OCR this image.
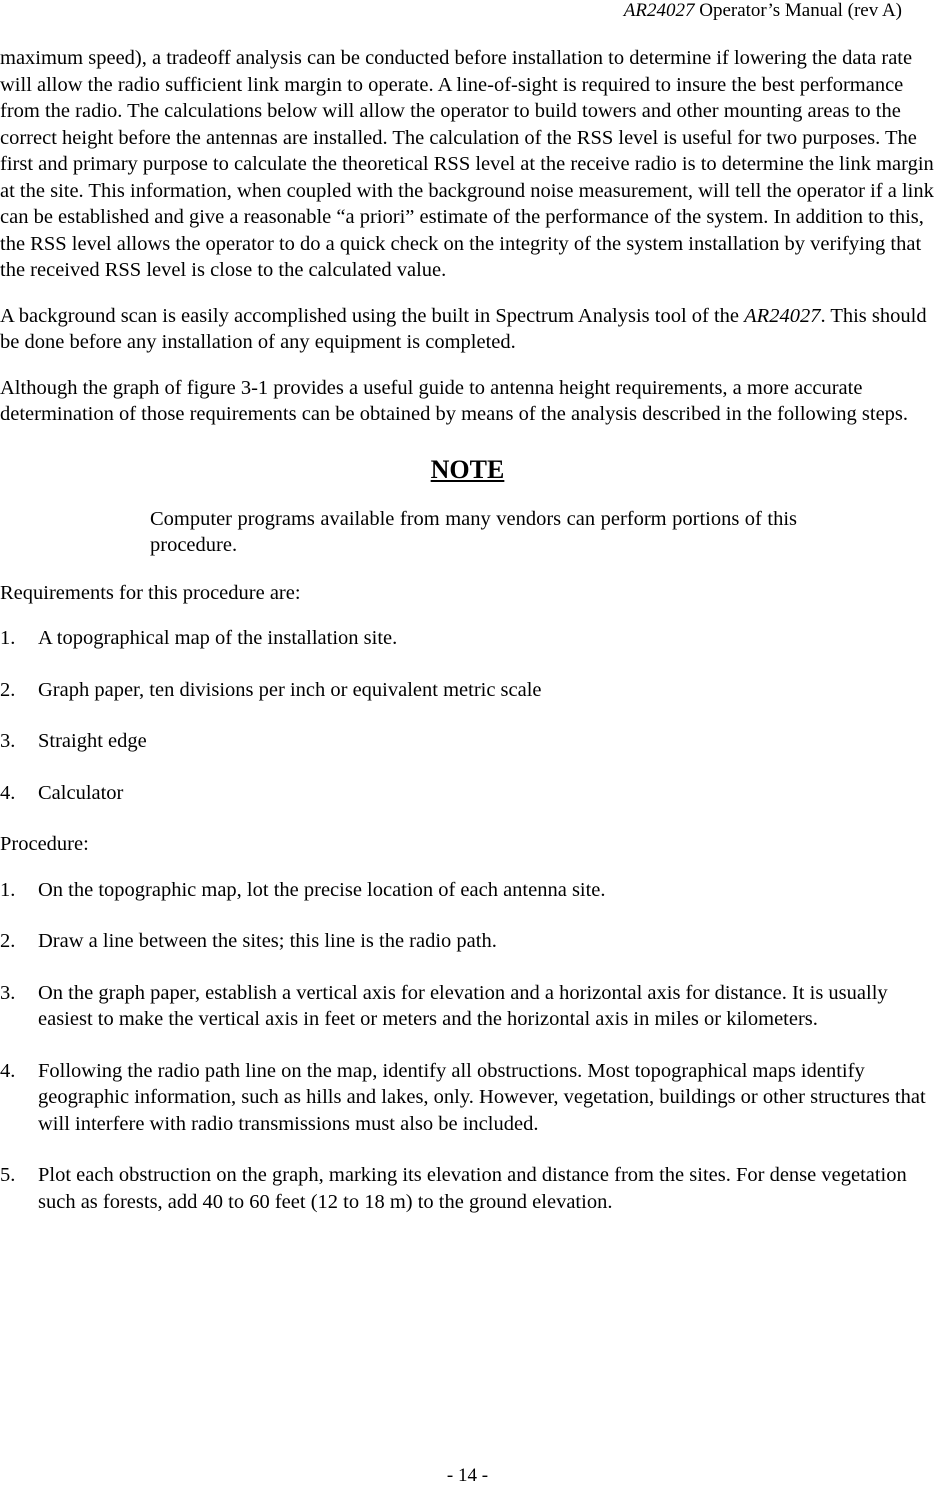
AR24027 Operator’s Manual (rev A)

maximum speed), a tradeoff analysis can be conducted before installation to determine if lowering the data rate will allow the radio sufficient link margin to operate. A line-of-sight is required to insure the best performance from the radio. The calculations below will allow the operator to build towers and other mounting areas to the correct height before the antennas are installed. The calculation of the RSS level is useful for two purposes. The first and primary purpose to calculate the theoretical RSS level at the receive radio is to determine the link margin at the site. This information, when coupled with the background noise measurement, will tell the operator if a link can be established and give a reasonable “a priori” estimate of the performance of the system. In addition to this, the RSS level allows the operator to do a quick check on the integrity of the system installation by verifying that the received RSS level is close to the calculated value.

A background scan is easily accomplished using the built in Spectrum Analysis tool of the AR24027. This should be done before any installation of any equipment is completed.

Although the graph of figure 3-1 provides a useful guide to antenna height requirements, a more accurate determination of those requirements can be obtained by means of the analysis described in the following steps.

NOTE
Computer programs available from many vendors can perform portions of this procedure.

Requirements for this procedure are:

1. A topographical map of the installation site.
2. Graph paper, ten divisions per inch or equivalent metric scale
3. Straight edge
4. Calculator

Procedure:

1. On the topographic map, lot the precise location of each antenna site.
2. Draw a line between the sites; this line is the radio path.
3. On the graph paper, establish a vertical axis for elevation and a horizontal axis for distance. It is usually easiest to make the vertical axis in feet or meters and the horizontal axis in miles or kilometers.
4. Following the radio path line on the map, identify all obstructions. Most topographical maps identify geographic information, such as hills and lakes, only. However, vegetation, buildings or other structures that will interfere with radio transmissions must also be included.
5. Plot each obstruction on the graph, marking its elevation and distance from the sites. For dense vegetation such as forests, add 40 to 60 feet (12 to 18 m) to the ground elevation.
- 14 -
